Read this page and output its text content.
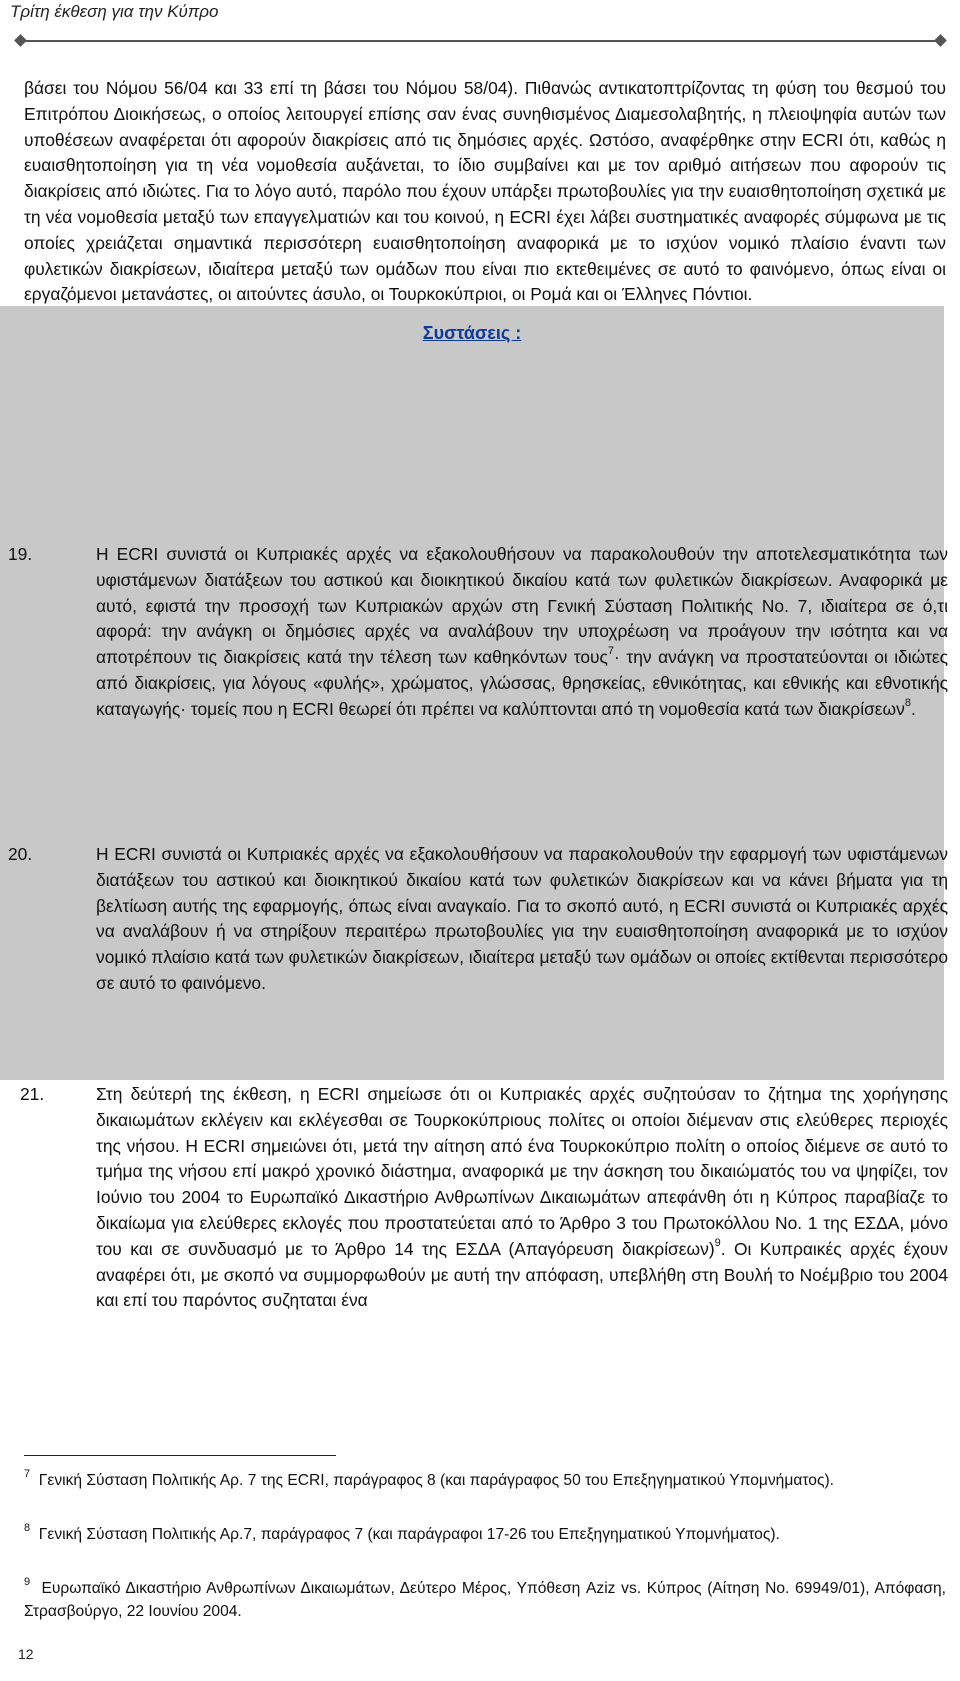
Τρίτη έκθεση για την Κύπρο
βάσει του Νόμου 56/04 και 33 επί τη βάσει του Νόμου 58/04). Πιθανώς αντικατοπτρίζοντας τη φύση του θεσμού του Επιτρόπου Διοικήσεως, ο οποίος λειτουργεί επίσης σαν ένας συνηθισμένος Διαμεσολαβητής, η πλειοψηφία αυτών των υποθέσεων αναφέρεται ότι αφορούν διακρίσεις από τις δημόσιες αρχές. Ωστόσο, αναφέρθηκε στην ECRI ότι, καθώς η ευαισθητοποίηση για τη νέα νομοθεσία αυξάνεται, το ίδιο συμβαίνει και με τον αριθμό αιτήσεων που αφορούν τις διακρίσεις από ιδιώτες. Για το λόγο αυτό, παρόλο που έχουν υπάρξει πρωτοβουλίες για την ευαισθητοποίηση σχετικά με τη νέα νομοθεσία μεταξύ των επαγγελματιών και του κοινού, η ECRI έχει λάβει συστηματικές αναφορές σύμφωνα με τις οποίες χρειάζεται σημαντικά περισσότερη ευαισθητοποίηση αναφορικά με το ισχύον νομικό πλαίσιο έναντι των φυλετικών διακρίσεων, ιδιαίτερα μεταξύ των ομάδων που είναι πιο εκτεθειμένες σε αυτό το φαινόμενο, όπως είναι οι εργαζόμενοι μετανάστες, οι αιτούντες άσυλο, οι Τουρκοκύπριοι, οι Ρομά και οι Έλληνες Πόντιοι.
Συστάσεις :
19.	Η ECRI συνιστά οι Κυπριακές αρχές να εξακολουθήσουν να παρακολουθούν την αποτελεσματικότητα των υφιστάμενων διατάξεων του αστικού και διοικητικού δικαίου κατά των φυλετικών διακρίσεων. Αναφορικά με αυτό, εφιστά την προσοχή των Κυπριακών αρχών στη Γενική Σύσταση Πολιτικής Νο. 7, ιδιαίτερα σε ό,τι αφορά: την ανάγκη οι δημόσιες αρχές να αναλάβουν την υποχρέωση να προάγουν την ισότητα και να αποτρέπουν τις διακρίσεις κατά την τέλεση των καθηκόντων τους$^7$· την ανάγκη να προστατεύονται οι ιδιώτες από διακρίσεις, για λόγους «φυλής», χρώματος, γλώσσας, θρησκείας, εθνικότητας, και εθνικής και εθνοτικής καταγωγής· τομείς που η ECRI θεωρεί ότι πρέπει να καλύπτονται από τη νομοθεσία κατά των διακρίσεων$^8$.
20.	Η ECRI συνιστά οι Κυπριακές αρχές να εξακολουθήσουν να παρακολουθούν την εφαρμογή των υφιστάμενων διατάξεων του αστικού και διοικητικού δικαίου κατά των φυλετικών διακρίσεων και να κάνει βήματα για τη βελτίωση αυτής της εφαρμογής, όπως είναι αναγκαίο. Για το σκοπό αυτό, η ECRI συνιστά οι Κυπριακές αρχές να αναλάβουν ή να στηρίξουν περαιτέρω πρωτοβουλίες για την ευαισθητοποίηση αναφορικά με το ισχύον νομικό πλαίσιο κατά των φυλετικών διακρίσεων, ιδιαίτερα μεταξύ των ομάδων οι οποίες εκτίθενται περισσότερο σε αυτό το φαινόμενο.
21.	Στη δεύτερή της έκθεση, η ECRI σημείωσε ότι οι Κυπριακές αρχές συζητούσαν το ζήτημα της χορήγησης δικαιωμάτων εκλέγειν και εκλέγεσθαι σε Τουρκοκύπριους πολίτες οι οποίοι διέμεναν στις ελεύθερες περιοχές της νήσου. Η ECRI σημειώνει ότι, μετά την αίτηση από ένα Τουρκοκύπριο πολίτη ο οποίος διέμενε σε αυτό το τμήμα της νήσου επί μακρό χρονικό διάστημα, αναφορικά με την άσκηση του δικαιώματός του να ψηφίζει, τον Ιούνιο του 2004 το Ευρωπαϊκό Δικαστήριο Ανθρωπίνων Δικαιωμάτων απεφάνθη ότι η Κύπρος παραβίαζε το δικαίωμα για ελεύθερες εκλογές που προστατεύεται από το Άρθρο 3 του Πρωτοκόλλου Νο. 1 της ΕΣΔΑ, μόνο του και σε συνδυασμό με το Άρθρο 14 της ΕΣΔΑ (Απαγόρευση διακρίσεων)$^9$. Οι Κυπραικές αρχές έχουν αναφέρει ότι, με σκοπό να συμμορφωθούν με αυτή την απόφαση, υπεβλήθη στη Βουλή το Νοέμβριο του 2004 και επί του παρόντος συζηταται ένα
$^7$ Γενική Σύσταση Πολιτικής Αρ. 7 της ECRI, παράγραφος 8 (και παράγραφος 50 του Επεξηγηματικού Υπομνήματος).
$^8$ Γενική Σύσταση Πολιτικής Αρ.7, παράγραφος 7 (και παράγραφοι 17-26 του Επεξηγηματικού Υπομνήματος).
$^9$ Ευρωπαϊκό Δικαστήριο Ανθρωπίνων Δικαιωμάτων, Δεύτερο Μέρος, Υπόθεση Aziz vs. Κύπρος (Αίτηση Νο. 69949/01), Απόφαση, Στρασβούργο, 22 Ιουνίου 2004.
12
